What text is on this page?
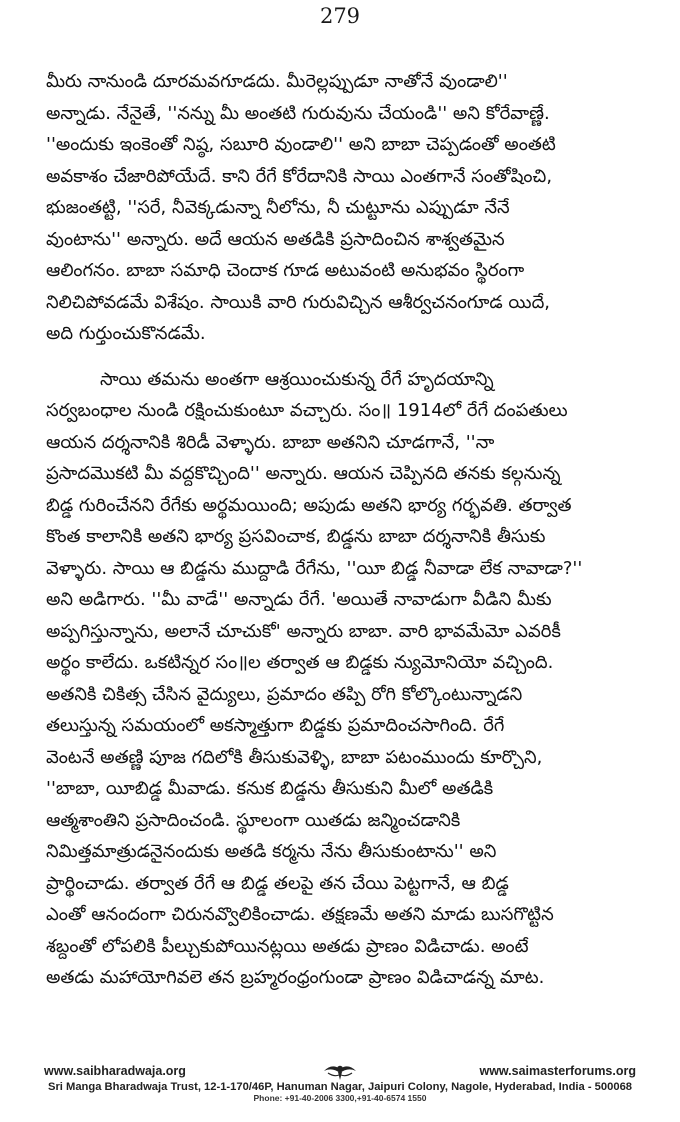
279

మీరు నానుండి దూరమవగూడదు. మీరెల్లప్పుడూ నాతోనే వుండాలి''

అన్నాడు. నేనైతే, ''నన్ను మీ అంతటి గురువును చేయండి'' అని కోరేవాణ్ణే.

''అందుకు ఇంకెంతో నిష్ఠ, సబూరి వుండాలి'' అని బాబా చెప్పడంతో అంతటి

అవకాశం చేజారిపోయేదే. కాని రేగే కోరేదానికి సాయి ఎంతగానే సంతోషించి,

భుజంతట్టి, ''సరే, నీవెక్కడున్నా నీలోను, నీ చుట్టూను ఎప్పుడూ నేనే

వుంటాను'' అన్నారు. అదే ఆయన అతడికి ప్రసాదించిన శాశ్వతమైన

ఆలింగనం. బాబా సమాధి చెందాక గూడ అటువంటి అనుభవం స్థిరంగా

నిలిచిపోవడమే విశేషం. సాయికి వారి గురువిచ్చిన ఆశీర్వచనంగూడ యిదే,

అది గుర్తుంచుకొనడమే.

సాయి తమను అంతగా ఆశ్రయించుకున్న రేగే హృదయాన్ని

సర్వబంధాల నుండి రక్షించుకుంటూ వచ్చారు. సం॥ 1914లో రేగే దంపతులు

ఆయన దర్శనానికి శిరిడీ వెళ్ళారు. బాబా అతనిని చూడగానే, ''నా

ప్రసాదమొకటి మీ వద్దకొచ్చింది'' అన్నారు. ఆయన చెప్పినది తనకు కల్గనున్న

బిడ్డ గురించేనని రేగేకు అర్థమయింది; అపుడు అతని భార్య గర్భవతి. తర్వాత

కొంత కాలానికి అతని భార్య ప్రసవించాక, బిడ్డను బాబా దర్శనానికి తీసుకు

వెళ్ళారు. సాయి ఆ బిడ్డను ముద్దాడి రేగేను, ''యీ బిడ్డ నీవాడా లేక నావాడా?''

అని అడిగారు. ''మీ వాడే'' అన్నాడు రేగే. 'అయితే నావాడుగా వీడిని మీకు

అప్పగిస్తున్నాను, అలానే చూచుకో' అన్నారు బాబా. వారి భావమేమో ఎవరికీ

అర్థం కాలేదు. ఒకటిన్నర సం॥ల తర్వాత ఆ బిడ్డకు న్యుమోనియో వచ్చింది.

అతనికి చికిత్స చేసిన వైద్యులు, ప్రమాదం తప్పి రోగి కోల్కొంటున్నాడని

తలుస్తున్న సమయంలో అకస్మాత్తుగా బిడ్డకు ప్రమాదించసాగింది. రేగే

వెంటనే అతణ్ణి పూజ గదిలోకి తీసుకువెళ్ళి, బాబా పటంముందు కూర్చొని,

''బాబా, యీబిడ్డ మీవాడు. కనుక బిడ్డను తీసుకుని మీలో అతడికి

ఆత్మశాంతిని ప్రసాదించండి. స్థూలంగా యితడు జన్మించడానికి

నిమిత్తమాత్రుడనైనందుకు అతడి కర్మను నేను తీసుకుంటాను'' అని

ప్రార్థించాడు. తర్వాత రేగే ఆ బిడ్డ తలపై తన చేయి పెట్టగానే, ఆ బిడ్డ

ఎంతో ఆనందంగా చిరునవ్వొలికించాడు. తక్షణమే అతని మాడు బుసగొట్టిన

శబ్దంతో లోపలికి పీల్చుకుపోయినట్లయి అతడు ప్రాణం విడిచాడు. అంటే

అతడు మహాయోగివలె తన బ్రహ్మరంధ్రంగుండా ప్రాణం విడిచాడన్న మాట.

www.saibharadwaja.org	www.saimasterforums.org
Sri Manga Bharadwaja Trust, 12-1-170/46P, Hanuman Nagar, Jaipuri Colony, Nagole, Hyderabad, India - 500068
Phone: +91-40-2006 3300,+91-40-6574 1550
